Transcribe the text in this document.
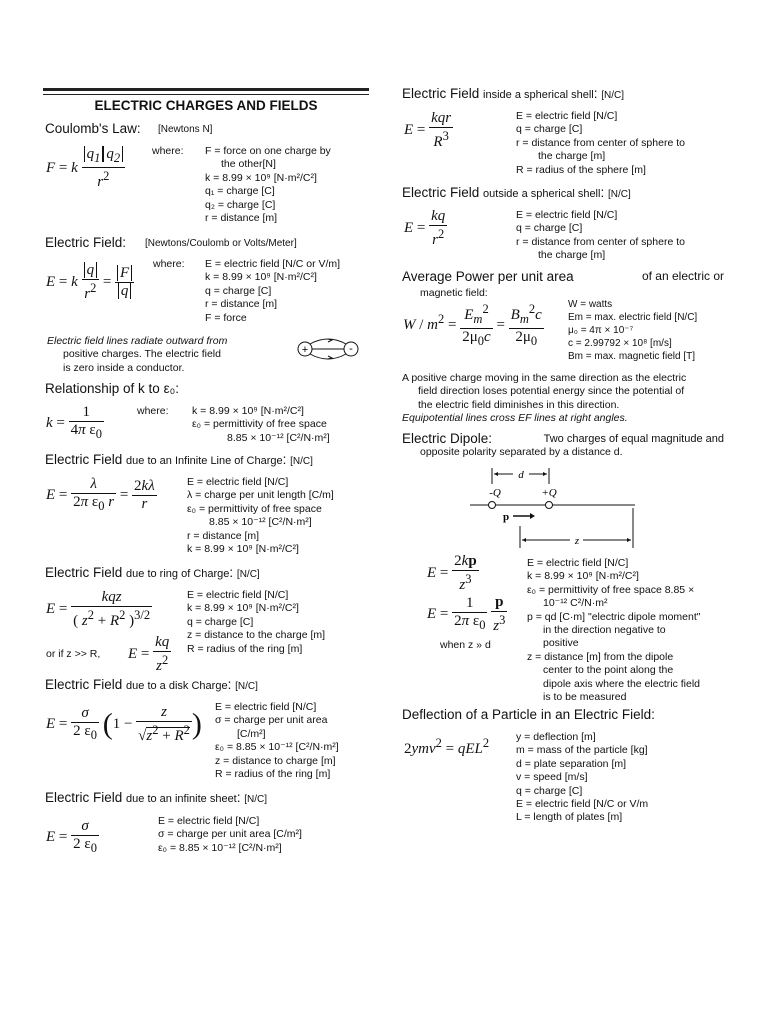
ELECTRIC CHARGES AND FIELDS
Coulomb's Law: [Newtons N]
F = k $\frac{q_1 q_2}{r^2}$	where: F = force on one charge by
the other[N]
k = 8.99 × 10⁹ [N·m²/C²]
q₁ = charge [C]
q₂ = charge [C]
r = distance [m]
Electric Field: [Newtons/Coulomb or Volts/Meter]
E = k $\frac{q}{r^2} = \frac{F}{q}$
where: E = electric field [N/C or V/m]
k = 8.99 × 10⁹ [N·m²/C²]
q = charge [C]
r = distance [m]
F = force
Electric field lines radiate outward from
positive charges. The electric field
is zero inside a conductor.
+	-
Relationship of k to ε₀:
$k = \frac{1}{4\pi \varepsilon_0}$	where: k = 8.99 × 10⁹ [N·m²/C²]
ε₀ = permittivity of free space
8.85 × 10⁻¹² [C²/N·m²]
Electric Field due to an Infinite Line of Charge: [N/C]
$E = \frac{\lambda}{2\pi \varepsilon_0 r} = \frac{2k\lambda}{r}$	E = electric field [N/C]
λ = charge per unit length [C/m]
ε₀ = permittivity of free space
8.85 × 10⁻¹² [C²/N·m²]
r = distance [m]
k = 8.99 × 10⁹ [N·m²/C²]
Electric Field due to ring of Charge: [N/C]
$E = \frac{\text{kqz}}{( z^2 + R^2 )^{3/2}}$
or if z >> R, $E = \frac{kq}{z^2}$
E = electric field [N/C]
k = 8.99 × 10⁹ [N·m²/C²]
q = charge [C]
z = distance to the charge [m]
R = radius of the ring [m]
Electric Field due to a disk Charge: [N/C]
$E = \frac{\sigma}{2 \varepsilon_0} (1 - \frac{z}{√z^2 + R^2}$ )
E = electric field [N/C]
σ = charge per unit area
[C/m²]
ε₀ = 8.85 × 10⁻¹² [C²/N·m²]
z = distance to charge [m]
R = radius of the ring [m]
Electric Field due to an infinite sheet: [N/C]
$E = \frac{\sigma}{2 \varepsilon_0}$	E = electric field [N/C]
σ = charge per unit area [C/m²]
ε₀ = 8.85 × 10⁻¹² [C²/N·m²]
Electric Field inside a spherical shell: [N/C]
$E = \frac{\text{kqr}}{R^3}$	E = electric field [N/C]
q = charge [C]
r = distance from center of sphere to
the charge [m]
R = radius of the sphere [m]
Electric Field outside a spherical shell: [N/C]
$E = \frac{kq}{r^2}$	E = electric field [N/C]
q = charge [C]
r = distance from center of sphere to
the charge [m]
Average Power per unit area	of an electric or
magnetic field:
$W / m^2 = \frac{E_m^2}{2\mu_0c} = \frac{B_m^2c}{2\mu_0}$ W = watts
Em = max. electric field [N/C]
μ₀ = 4π × 10⁻⁷
c = 2.99792 × 10⁸ [m/s]
Bm = max. magnetic field [T]
A positive charge moving in the same direction as the electric
field direction loses potential energy since the potential of
the electric field diminishes in this direction.
Equipotential lines cross EF lines at right angles.
Electric Dipole:	Two charges of equal magnitude and
opposite polarity separated by a distance d.
d
-Q	+Q
p
z
$E = \frac{2kp}{z^3}$
$E = \frac{1}{2\pi \varepsilon_0}$
$\frac{p}{z^3}$
when z » d
E = electric field [N/C]
k = 8.99 × 10⁹ [N·m²/C²]
ε₀ = permittivity of free space 8.85 ×
10⁻¹² C²/N·m²
p = qd [C·m] "electric dipole moment"
in the direction negative to
positive
z = distance [m] from the dipole
center to the point along the
dipole axis where the electric field
is to be measured
Deflection of a Particle in an Electric Field:
2ymv$^2$ = qEL$^2$	y = deflection [m]
m = mass of the particle [kg]
d = plate separation [m]
v = speed [m/s]
q = charge [C]
E = electric field [N/C or V/m
L = length of plates [m]
